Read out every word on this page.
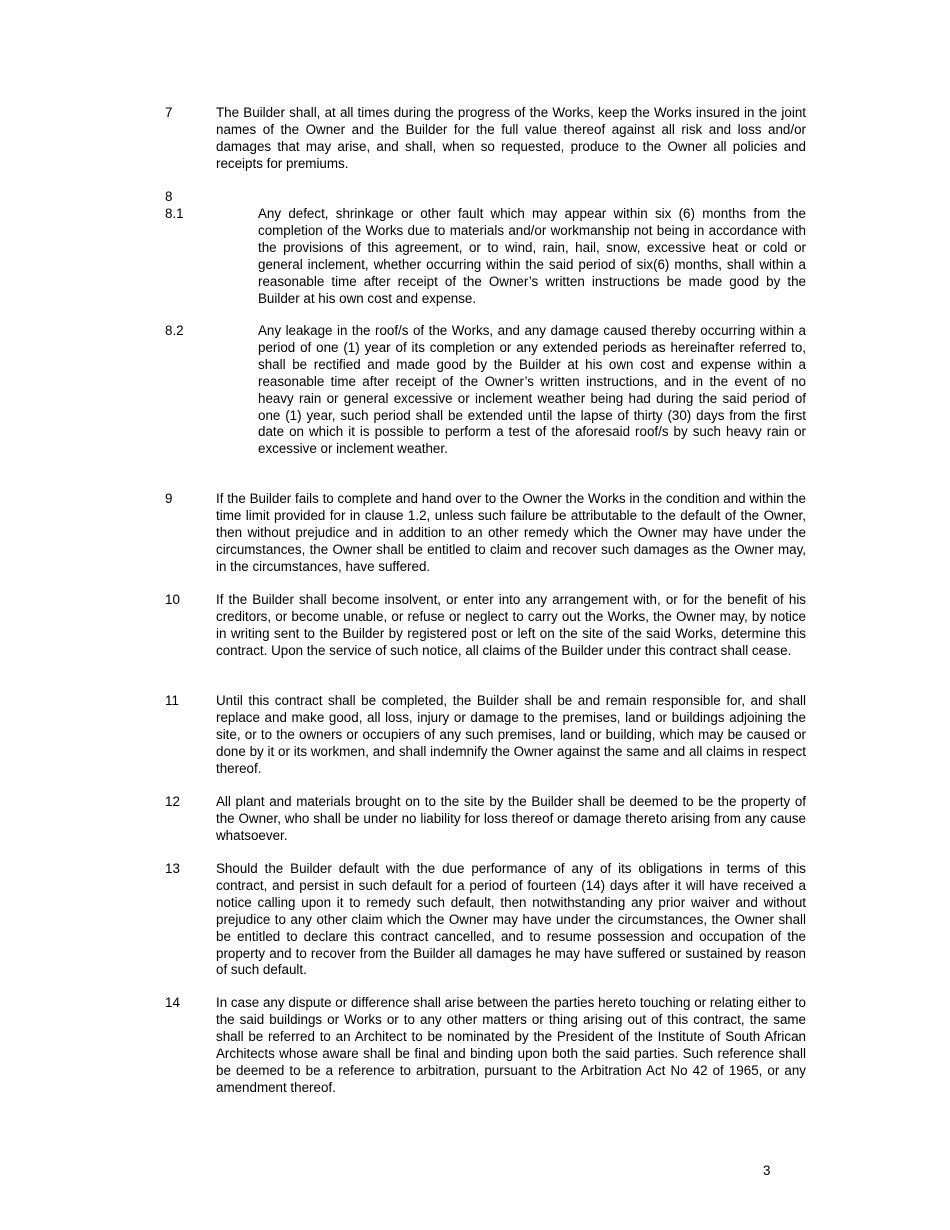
7	The Builder shall, at all times during the progress of the Works, keep the Works insured in the joint names of the Owner and the Builder for the full value thereof against all risk and loss and/or damages that may arise, and shall, when so requested, produce to the Owner all policies and receipts for premiums.
8
8.1	Any defect, shrinkage or other fault which may appear within six (6) months from the completion of the Works due to materials and/or workmanship not being in accordance with the provisions of this agreement, or to wind, rain, hail, snow, excessive heat or cold or general inclement, whether occurring within the said period of six(6) months, shall within a reasonable time after receipt of the Owner’s written instructions be made good by the Builder at his own cost and expense.
8.2	Any leakage in the roof/s of the Works, and any damage caused thereby occurring within a period of one (1) year of its completion or any extended periods as hereinafter referred to, shall be rectified and made good by the Builder at his own cost and expense within a reasonable time after receipt of the Owner’s written instructions, and in the event of no heavy rain or general excessive or inclement weather being had during the said period of one (1) year, such period shall be extended until the lapse of thirty (30) days from the first date on which it is possible to perform a test of the aforesaid roof/s by such heavy rain or excessive or inclement weather.
9	If the Builder fails to complete and hand over to the Owner the Works in the condition and within the time limit provided for in clause 1.2, unless such failure be attributable to the default of the Owner, then without prejudice and in addition to an other remedy which the Owner may have under the circumstances, the Owner shall be entitled to claim and recover such damages as the Owner may, in the circumstances, have suffered.
10	If the Builder shall become insolvent, or enter into any arrangement with, or for the benefit of his creditors, or become unable, or refuse or neglect to carry out the Works, the Owner may, by notice in writing sent to the Builder by registered post or left on the site of the said Works, determine this contract. Upon the service of such notice, all claims of the Builder under this contract shall cease.
11	Until this contract shall be completed, the Builder shall be and remain responsible for, and shall replace and make good, all loss, injury or damage to the premises, land or buildings adjoining the site, or to the owners or occupiers of any such premises, land or building, which may be caused or done by it or its workmen, and shall indemnify the Owner against the same and all claims in respect thereof.
12	All plant and materials brought on to the site by the Builder shall be deemed to be the property of the Owner, who shall be under no liability for loss thereof or damage thereto arising from any cause whatsoever.
13	Should the Builder default with the due performance of any of its obligations in terms of this contract, and persist in such default for a period of fourteen (14) days after it will have received a notice calling upon it to remedy such default, then notwithstanding any prior waiver and without prejudice to any other claim which the Owner may have under the circumstances, the Owner shall be entitled to declare this contract cancelled, and to resume possession and occupation of the property and to recover from the Builder all damages he may have suffered or sustained by reason of such default.
14	In case any dispute or difference shall arise between the parties hereto touching or relating either to the said buildings or Works or to any other matters or thing arising out of this contract, the same shall be referred to an Architect to be nominated by the President of the Institute of South African Architects whose aware shall be final and binding upon both the said parties. Such reference shall be deemed to be a reference to arbitration, pursuant to the Arbitration Act No 42 of 1965, or any amendment thereof.
3
